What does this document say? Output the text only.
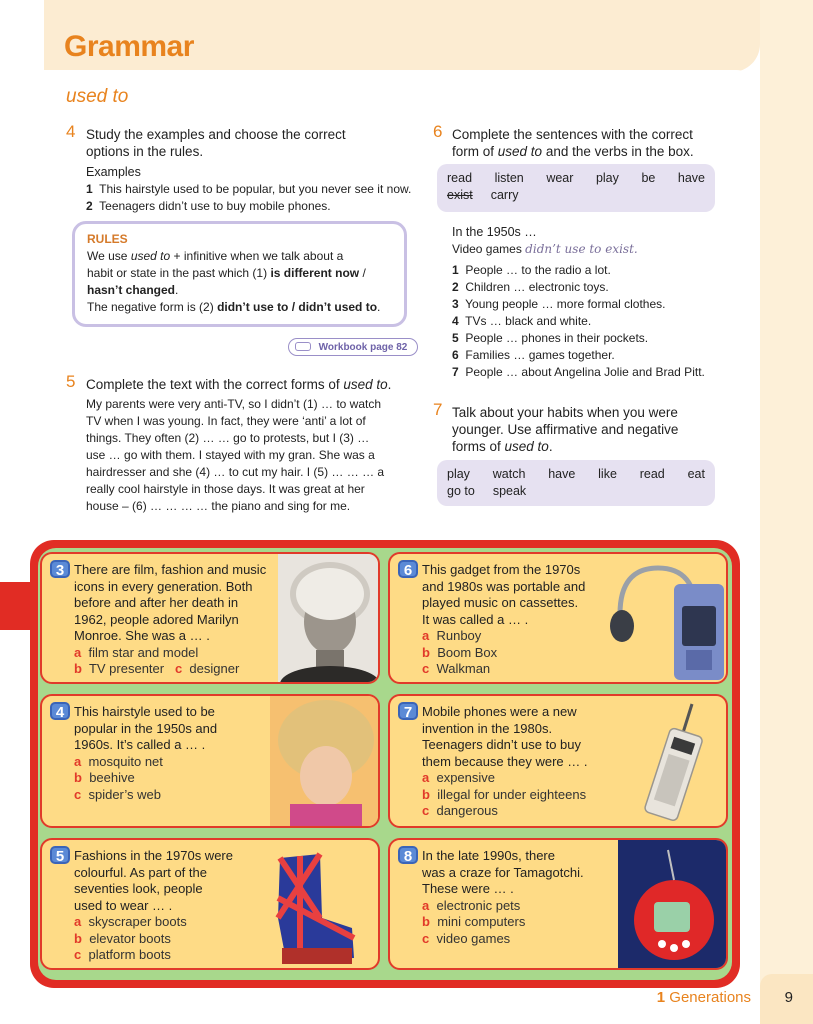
Grammar
used to
4 Study the examples and choose the correct
options in the rules.
Examples
1 This hairstyle used to be popular, but you never see it now.
2 Teenagers didn’t use to buy mobile phones.
RULES
We use used to + infinitive when we talk about a
habit or state in the past which (1) is different now /
hasn’t changed.
The negative form is (2) didn’t use to / didn’t used to.
Workbook page 82
5 Complete the text with the correct forms of used to.
My parents were very anti-TV, so I didn’t (1) … to watch
TV when I was young. In fact, they were ‘anti’ a lot of
things. They often (2) … … go to protests, but I (3) …
use … go with them. I stayed with my gran. She was a
hairdresser and she (4) … to cut my hair. I (5) … … … a
really cool hairstyle in those days. It was great at her
house – (6) … … … … the piano and sing for me.
6 Complete the sentences with the correct
form of used to and the verbs in the box.
read listen wear play be have
exist carry
In the 1950s …
Video games didn’t use to exist.
1 People … to the radio a lot.
2 Children … electronic toys.
3 Young people … more formal clothes.
4 TVs … black and white.
5 People … phones in their pockets.
6 Families … games together.
7 People … about Angelina Jolie and Brad Pitt.
7 Talk about your habits when you were
younger. Use affirmative and negative
forms of used to.
play watch have like read eat
go to speak
3 There are film, fashion and music
icons in every generation. Both
before and after her death in
1962, people adored Marilyn
Monroe. She was a … .
a film star and model
b TV presenter c designer
6 This gadget from the 1970s
and 1980s was portable and
played music on cassettes.
It was called a … .
a Runboy
b Boom Box
c Walkman
4 This hairstyle used to be
popular in the 1950s and
1960s. It’s called a … .
a mosquito net
b beehive
c spider’s web
7 Mobile phones were a new
invention in the 1980s.
Teenagers didn’t use to buy
them because they were … .
a expensive
b illegal for under eighteens
c dangerous
5 Fashions in the 1970s were
colourful. As part of the
seventies look, people
used to wear … .
a skyscraper boots
b elevator boots
c platform boots
8 In the late 1990s, there
was a craze for Tamagotchi.
These were … .
a electronic pets
b mini computers
c video games
1 Generations 9
